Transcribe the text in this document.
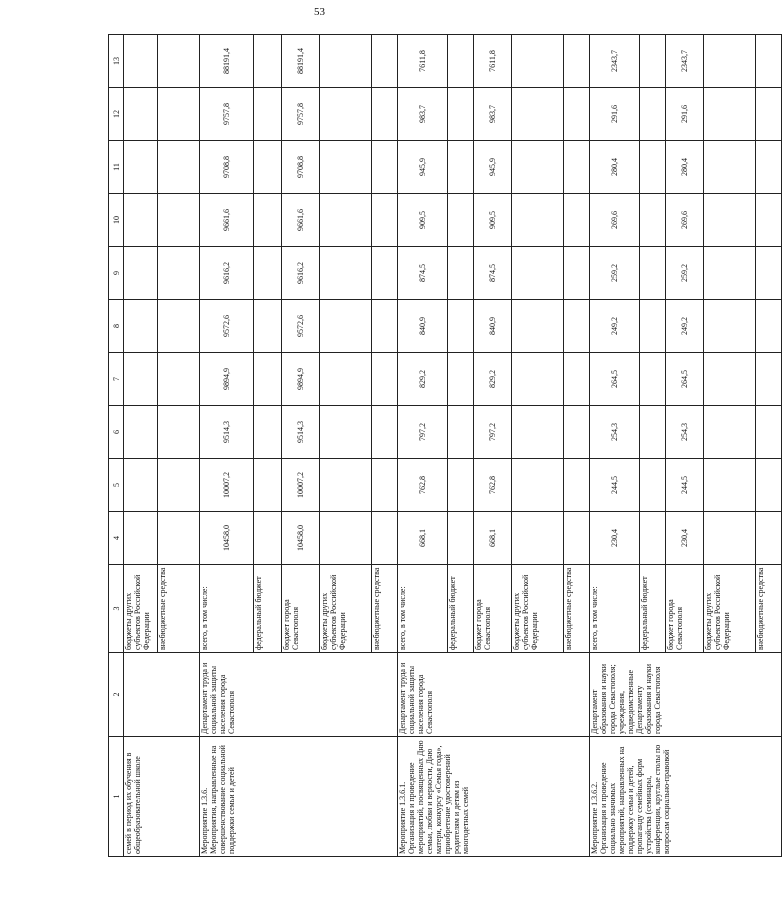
53
1	2	3	4	5	6	7	8	9	10	11	12	13
семей в период их обучения в общеобразовательной школе		бюджеты других субъектов Российской Федерации										
		внебюджетные средства										
Мероприятие 1.3.6. Мероприятия, направленные на совершенствование социальной поддержки семьи и детей	Департамент труда и социальной защиты населения города Севастополя	всего, в том числе:	10458,0	10007,2	9514,3	9894,9	9572,6	9616,2	9661,6	9708,8	9757,8	88191,4
		федеральный бюджет										
		бюджет города Севастополя	10458,0	10007,2	9514,3	9894,9	9572,6	9616,2	9661,6	9708,8	9757,8	88191,4
		бюджеты других субъектов Российской Федерации										
		внебюджетные средства										
Мероприятие 1.3.6.1. Организация и проведение мероприятий, посвященных Дню семьи, любви и верности, Дню матери, конкурсу «Семья года», приобретение удостоверений родителям и детям из многодетных семей	Департамент труда и социальной защиты населения города Севастополя	всего, в том числе:	668,1	762,8	797,2	829,2	840,9	874,5	909,5	945,9	983,7	7611,8
		федеральный бюджет										
		бюджет города Севастополя	668,1	762,8	797,2	829,2	840,9	874,5	909,5	945,9	983,7	7611,8
		бюджеты других субъектов Российской Федерации										
		внебюджетные средства										
Мероприятие 1.3.6.2. Организация и проведение социально значимых мероприятий, направленных на поддержку семьи и детей, пропаганду семейных форм устройства (семинары, конференции, круглые столы по вопросам социально-правовой	Департамент образования и науки города Севастополя; учреждения, подведомственные Департаменту образования и науки города Севастополя	всего, в том числе:	230,4	244,5	254,3	264,5	249,2	259,2	269,6	280,4	291,6	2343,7
		федеральный бюджет										
		бюджет города Севастополя	230,4	244,5	254,3	264,5	249,2	259,2	269,6	280,4	291,6	2343,7
		бюджеты других субъектов Российской Федерации										
		внебюджетные средства										
